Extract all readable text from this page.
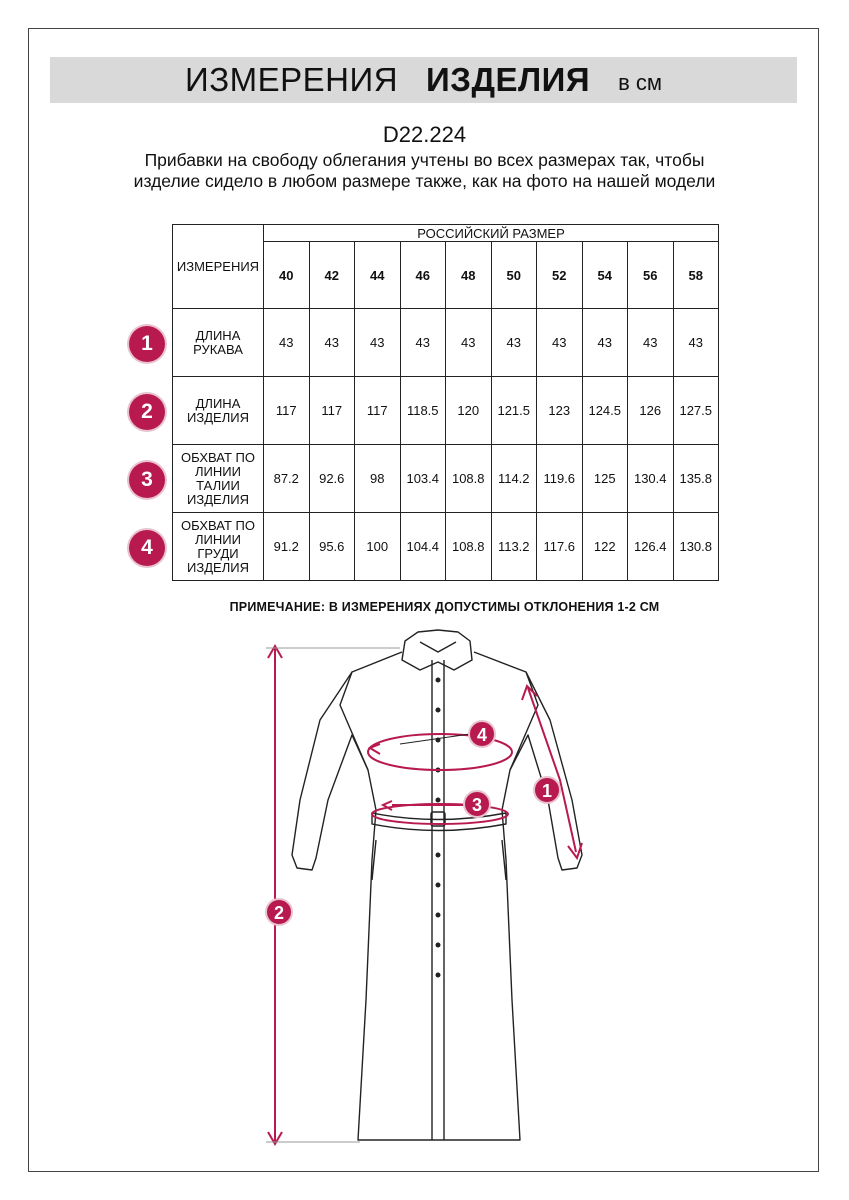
ИЗМЕРЕНИЯ ИЗДЕЛИЯ в см
D22.224
Прибавки на свободу облегания учтены во всех размерах так, чтобы изделие сидело в любом размере также, как на фото на нашей модели
ИЗМЕРЕНИЯ	РОССИЙСКИЙ РАЗМЕР									
	40	42	44	46	48	50	52	54	56	58
ДЛИНА
РУКАВА	43	43	43	43	43	43	43	43	43	43
ДЛИНА
ИЗДЕЛИЯ	117	117	117	118.5	120	121.5	123	124.5	126	127.5
ОБХВАТ ПО
ЛИНИИ
ТАЛИИ
ИЗДЕЛИЯ	87.2	92.6	98	103.4	108.8	114.2	119.6	125	130.4	135.8
ОБХВАТ ПО
ЛИНИИ
ГРУДИ
ИЗДЕЛИЯ	91.2	95.6	100	104.4	108.8	113.2	117.6	122	126.4	130.8
1
2
3
4
ПРИМЕЧАНИЕ: В ИЗМЕРЕНИЯХ ДОПУСТИМЫ ОТКЛОНЕНИЯ 1-2 СМ
1
2
3
4
